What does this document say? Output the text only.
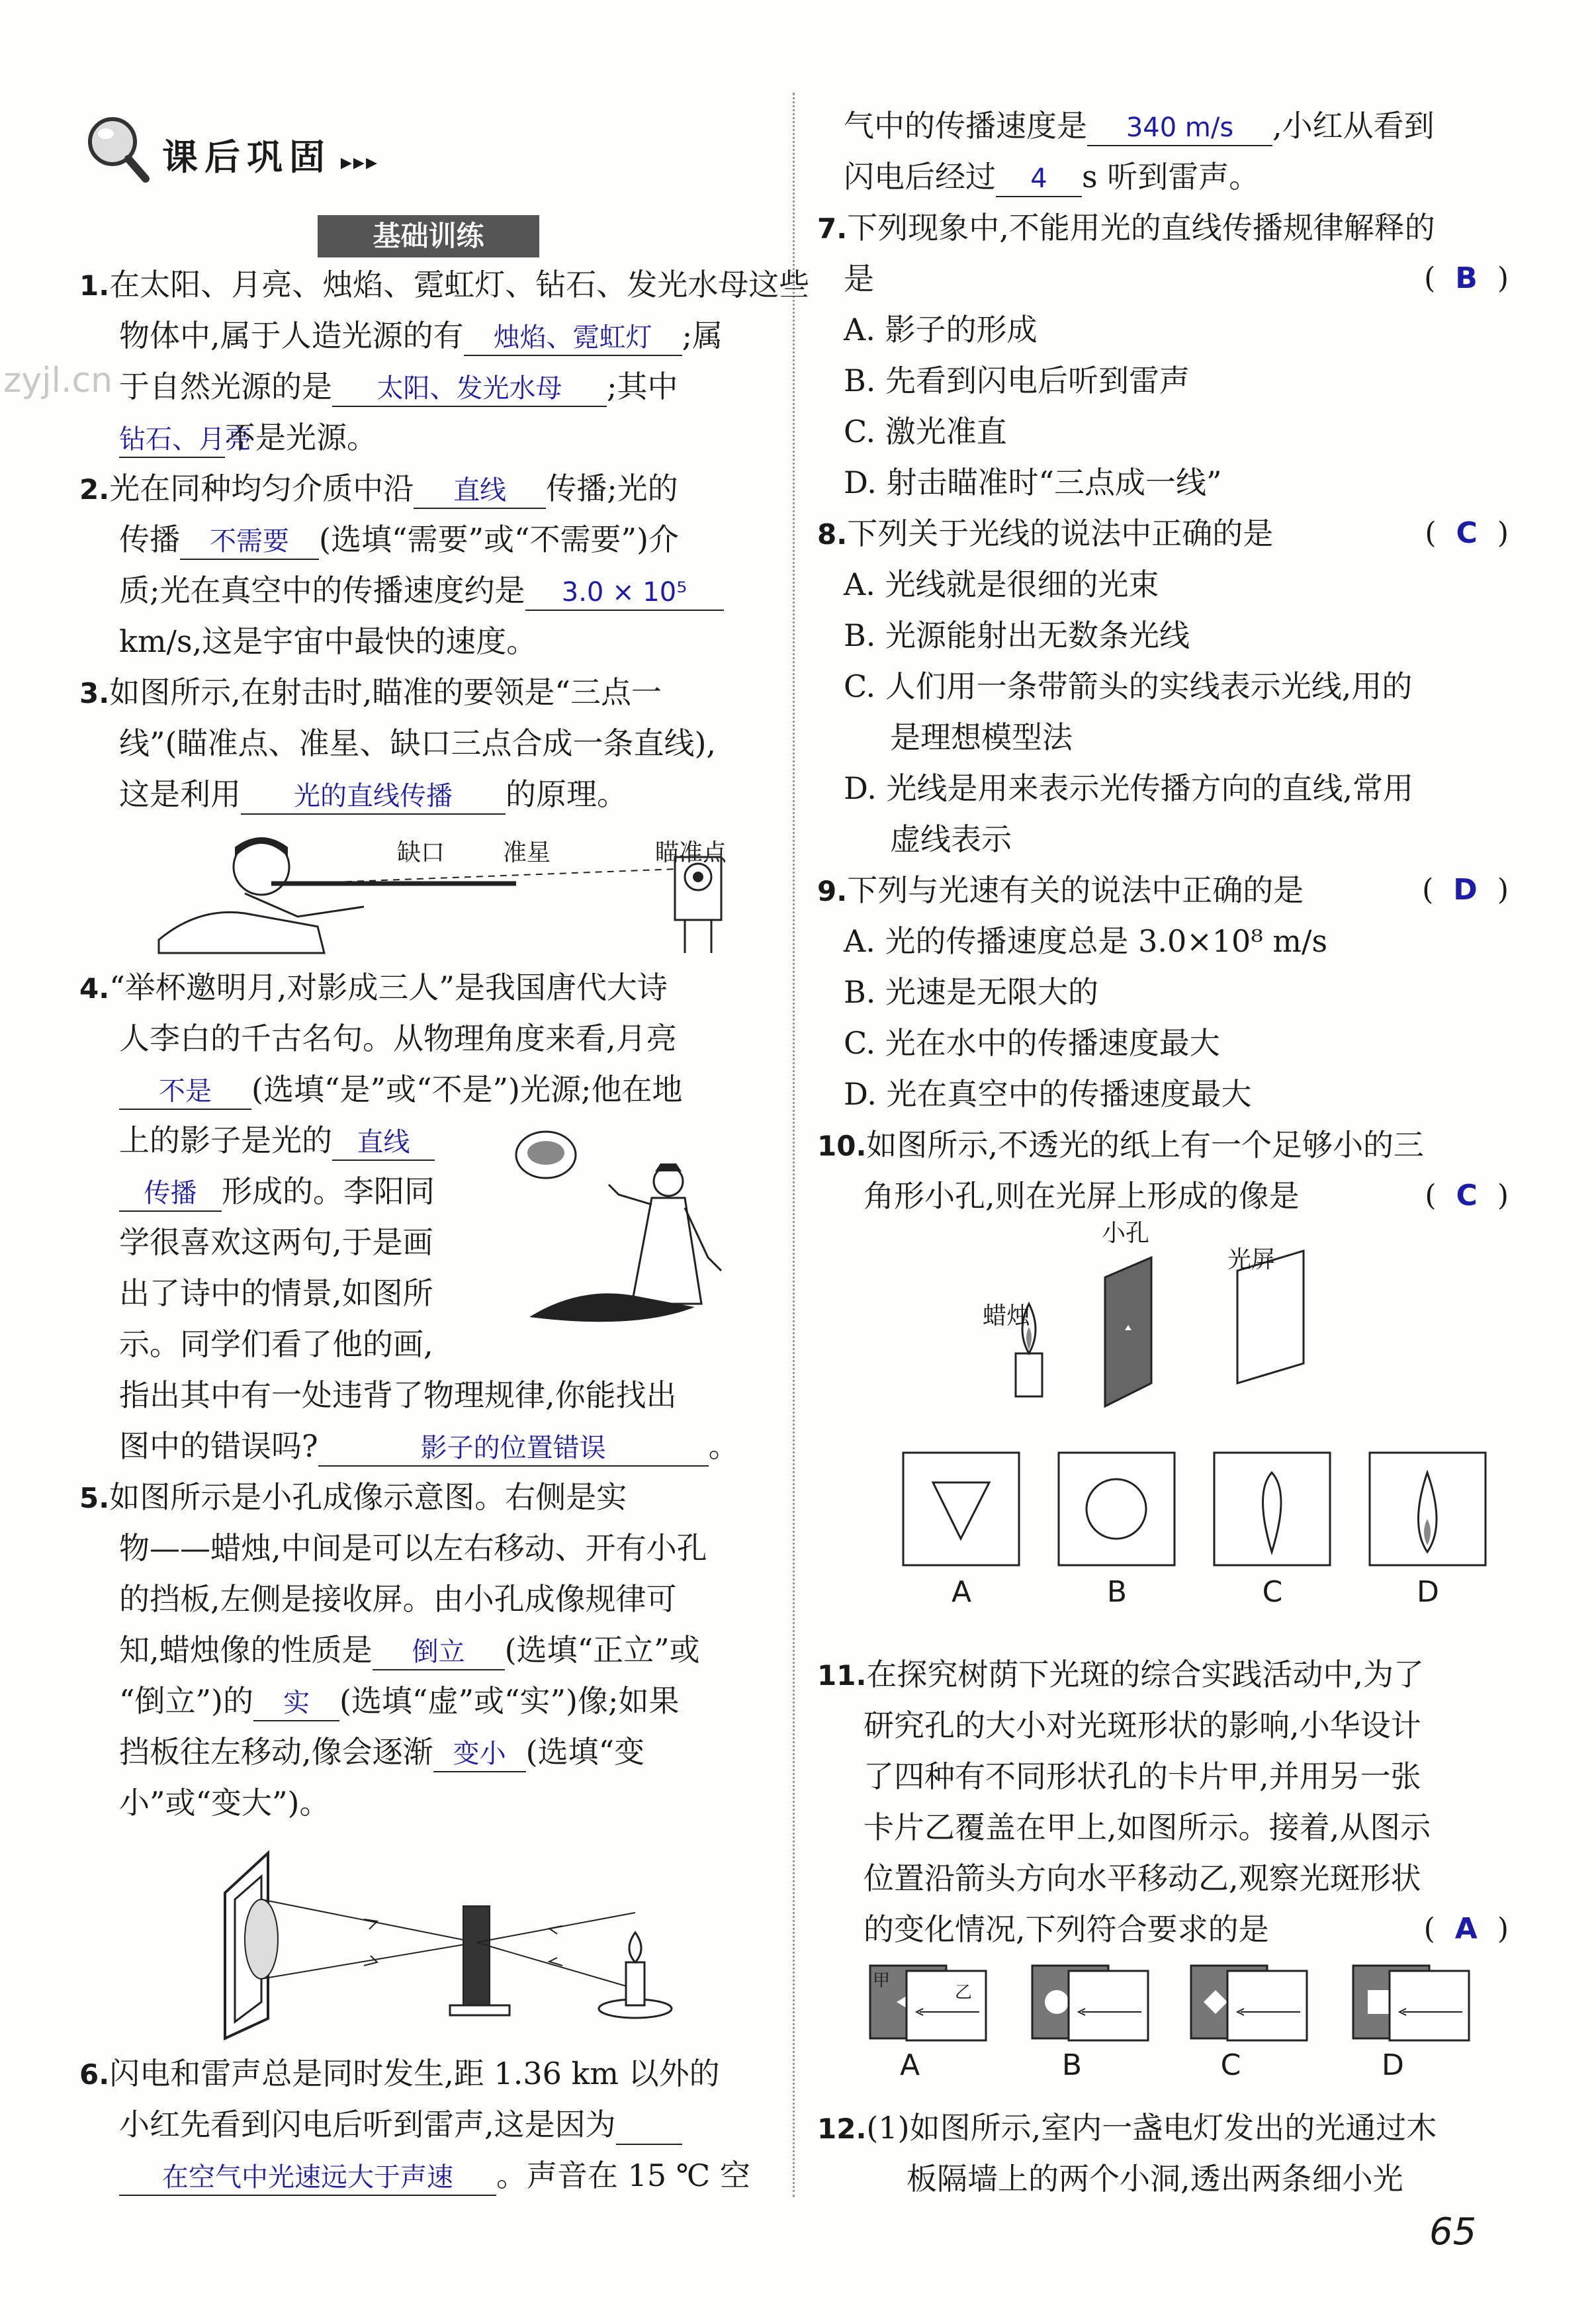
课后巩固 ▸▸▸
基础训练
zyjl.cn
1.在太阳、月亮、烛焰、霓虹灯、钻石、发光水母这些
物体中,属于人造光源的有 烛焰、霓虹灯 ;属
于自然光源的是 太阳、发光水母 ;其中
钻石、月亮不是光源。
2.光在同种均匀介质中沿 直线 传播;光的
传播 不需要 (选填“需要”或“不需要”)介
质;光在真空中的传播速度约是 3.0 × 10⁵
km/s,这是宇宙中最快的速度。
3.如图所示,在射击时,瞄准的要领是“三点一
线”(瞄准点、准星、缺口三点合成一条直线),
这是利用 光的直线传播 的原理。
缺口 准星	瞄准点
4.“举杯邀明月,对影成三人”是我国唐代大诗
人李白的千古名句。从物理角度来看,月亮
不是 (选填“是”或“不是”)光源;他在地
上的影子是光的 直线
传播 形成的。李阳同
学很喜欢这两句,于是画
出了诗中的情景,如图所
示。同学们看了他的画,
指出其中有一处违背了物理规律,你能找出
图中的错误吗?	影子的位置错误	。
5.如图所示是小孔成像示意图。右侧是实
物——蜡烛,中间是可以左右移动、开有小孔
的挡板,左侧是接收屏。由小孔成像规律可
知,蜡烛像的性质是 倒立 (选填“正立”或
“倒立”)的 实 (选填“虚”或“实”)像;如果
挡板往左移动,像会逐渐 变小 (选填“变
小”或“变大”)。
6.闪电和雷声总是同时发生,距 1.36 km 以外的
小红先看到闪电后听到雷声,这是因为
在空气中光速远大于声速 。声音在 15 ℃ 空
气中的传播速度是 340 m/s ,小红从看到
闪电后经过 4 s 听到雷声。
7.下列现象中,不能用光的直线传播规律解释的
是	( B )
A. 影子的形成
B. 先看到闪电后听到雷声
C. 激光准直
D. 射击瞄准时“三点成一线”
8.下列关于光线的说法中正确的是	( C )
A. 光线就是很细的光束
B. 光源能射出无数条光线
C. 人们用一条带箭头的实线表示光线,用的
是理想模型法
D. 光线是用来表示光传播方向的直线,常用
虚线表示
9.下列与光速有关的说法中正确的是	( D )
A. 光的传播速度总是 3.0×10⁸ m/s
B. 光速是无限大的
C. 光在水中的传播速度最大
D. 光在真空中的传播速度最大
10.如图所示,不透光的纸上有一个足够小的三
角形小孔,则在光屏上形成的像是	( C )
小孔
光屏
蜡烛
A	B	C	D
11.在探究树荫下光斑的综合实践活动中,为了
研究孔的大小对光斑形状的影响,小华设计
了四种有不同形状孔的卡片甲,并用另一张
卡片乙覆盖在甲上,如图所示。接着,从图示
位置沿箭头方向水平移动乙,观察光斑形状
的变化情况,下列符合要求的是	( A )
甲
乙
A	B	C	D
12.(1)如图所示,室内一盏电灯发出的光通过木
板隔墙上的两个小洞,透出两条细小光
65
